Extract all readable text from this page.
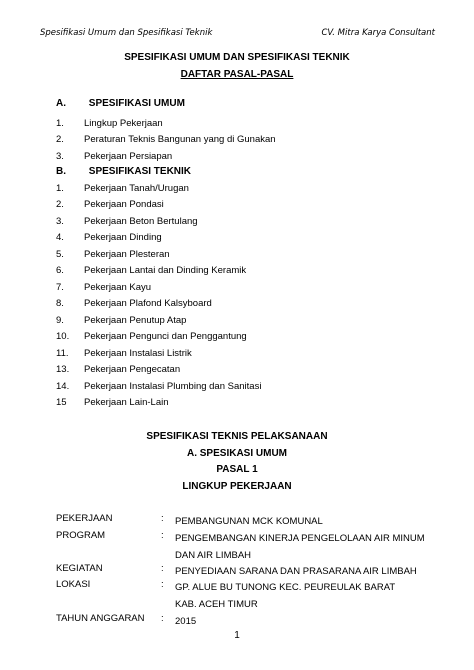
Spesifikasi Umum dan Spesifikasi Teknik	CV. Mitra Karya Consultant
SPESIFIKASI UMUM DAN SPESIFIKASI TEKNIK
DAFTAR PASAL-PASAL
A. SPESIFIKASI UMUM
1. Lingkup Pekerjaan
2. Peraturan Teknis Bangunan yang di Gunakan
3. Pekerjaan Persiapan
B. SPESIFIKASI TEKNIK
1. Pekerjaan Tanah/Urugan
2. Pekerjaan Pondasi
3. Pekerjaan Beton Bertulang
4. Pekerjaan Dinding
5. Pekerjaan Plesteran
6. Pekerjaan Lantai dan Dinding Keramik
7. Pekerjaan Kayu
8. Pekerjaan Plafond Kalsyboard
9. Pekerjaan Penutup Atap
10. Pekerjaan Pengunci dan Penggantung
11. Pekerjaan Instalasi Listrik
13. Pekerjaan Pengecatan
14. Pekerjaan Instalasi Plumbing dan Sanitasi
15 Pekerjaan Lain-Lain
SPESIFIKASI TEKNIS PELAKSANAAN
A. SPESIKASI UMUM
PASAL 1
LINGKUP PEKERJAAN
PEKERJAAN	: PEMBANGUNAN MCK KOMUNAL
PROGRAM	: PENGEMBANGAN KINERJA PENGELOLAAN AIR MINUM
DAN AIR LIMBAH
KEGIATAN	: PENYEDIAAN SARANA DAN PRASARANA AIR LIMBAH
LOKASI	: GP. ALUE BU TUNONG KEC. PEUREULAK BARAT
KAB. ACEH TIMUR
TAHUN ANGGARAN : 2015
1
